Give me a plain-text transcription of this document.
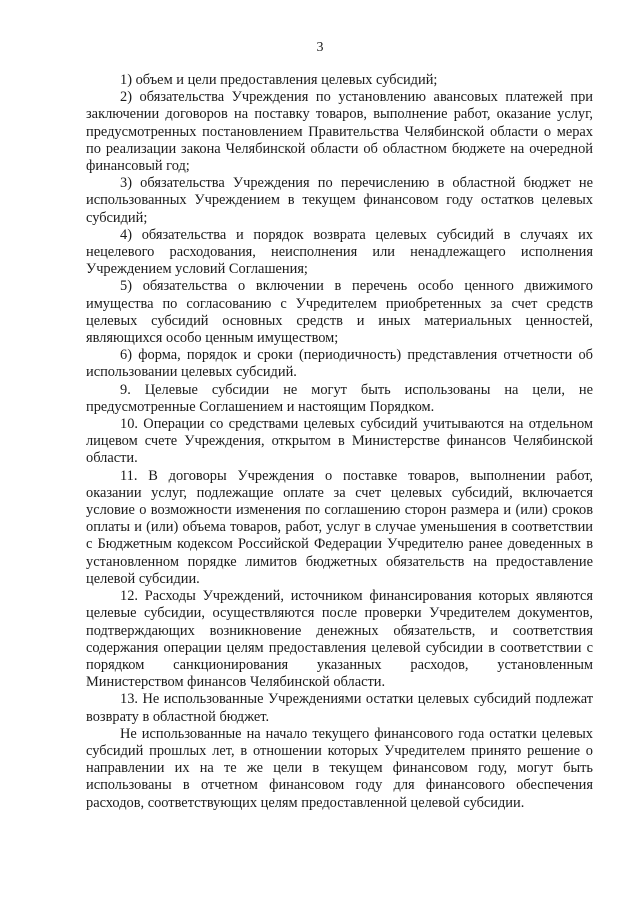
3

1) объем и цели предоставления целевых субсидий;

2) обязательства Учреждения по установлению авансовых платежей при заключении договоров на поставку товаров, выполнение работ, оказание услуг, предусмотренных постановлением Правительства Челябинской области о мерах по реализации закона Челябинской области об областном бюджете на очередной финансовый год;

3) обязательства Учреждения по перечислению в областной бюджет не использованных Учреждением в текущем финансовом году остатков целевых субсидий;

4) обязательства и порядок возврата целевых субсидий в случаях их нецелевого расходования, неисполнения или ненадлежащего исполнения Учреждением условий Соглашения;

5) обязательства о включении в перечень особо ценного движимого имущества по согласованию с Учредителем приобретенных за счет средств целевых субсидий основных средств и иных материальных ценностей, являющихся особо ценным имуществом;

6) форма, порядок и сроки (периодичность) представления отчетности об использовании целевых субсидий.

9. Целевые субсидии не могут быть использованы на цели, не предусмотренные Соглашением и настоящим Порядком.

10. Операции со средствами целевых субсидий учитываются на отдельном лицевом счете Учреждения, открытом в Министерстве финансов Челябинской области.

11. В договоры Учреждения о поставке товаров, выполнении работ, оказании услуг, подлежащие оплате за счет целевых субсидий, включается условие о возможности изменения по соглашению сторон размера и (или) сроков оплаты и (или) объема товаров, работ, услуг в случае уменьшения в соответствии с Бюджетным кодексом Российской Федерации Учредителю ранее доведенных в установленном порядке лимитов бюджетных обязательств на предоставление целевой субсидии.

12. Расходы Учреждений, источником финансирования которых являются целевые субсидии, осуществляются после проверки Учредителем документов, подтверждающих возникновение денежных обязательств, и соответствия содержания операции целям предоставления целевой субсидии в соответствии с порядком санкционирования указанных расходов, установленным Министерством финансов Челябинской области.

13. Не использованные Учреждениями остатки целевых субсидий подлежат возврату в областной бюджет.

Не использованные на начало текущего финансового года остатки целевых субсидий прошлых лет, в отношении которых Учредителем принято решение о направлении их на те же цели в текущем финансовом году, могут быть использованы в отчетном финансовом году для финансового обеспечения расходов, соответствующих целям предоставленной целевой субсидии.
